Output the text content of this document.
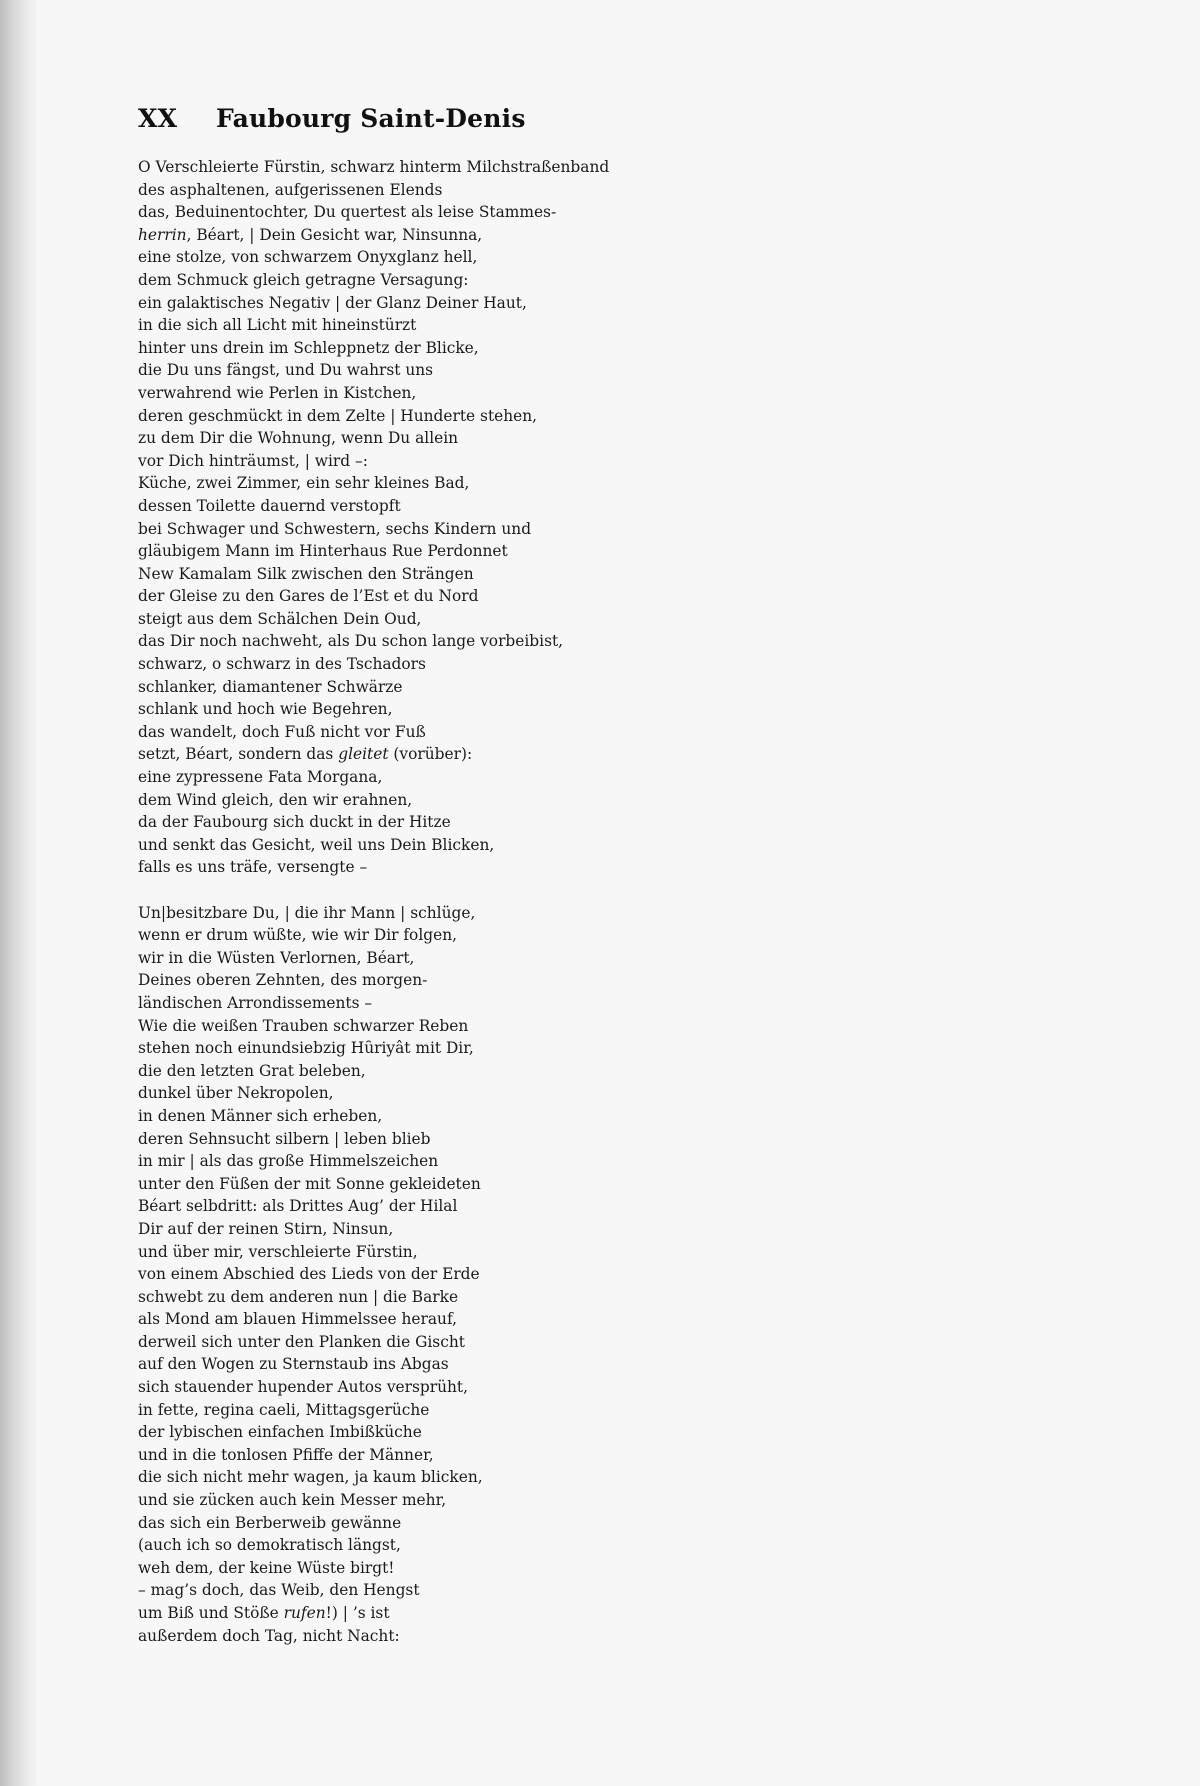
XX Faubourg Saint-Denis
O Verschleierte Fürstin, schwarz hinterm Milchstraßenband
des asphaltenen, aufgerissenen Elends
das, Beduinentochter, Du quertest als leise Stammes-
herrin, Béart, | Dein Gesicht war, Ninsunna,
eine stolze, von schwarzem Onyxglanz hell,
dem Schmuck gleich getragne Versagung:
ein galaktisches Negativ | der Glanz Deiner Haut,
in die sich all Licht mit hineinstürzt
hinter uns drein im Schleppnetz der Blicke,
die Du uns fängst, und Du wahrst uns
verwahrend wie Perlen in Kistchen,
deren geschmückt in dem Zelte | Hunderte stehen,
zu dem Dir die Wohnung, wenn Du allein
vor Dich hinträumst, | wird –:
Küche, zwei Zimmer, ein sehr kleines Bad,
dessen Toilette dauernd verstopft
bei Schwager und Schwestern, sechs Kindern und
gläubigem Mann im Hinterhaus Rue Perdonnet
New Kamalam Silk zwischen den Strängen
der Gleise zu den Gares de l’Est et du Nord
steigt aus dem Schälchen Dein Oud,
das Dir noch nachweht, als Du schon lange vorbeibist,
schwarz, o schwarz in des Tschadors
schlanker, diamantener Schwärze
schlank und hoch wie Begehren,
das wandelt, doch Fuß nicht vor Fuß
setzt, Béart, sondern das gleitet (vorüber):
eine zypressene Fata Morgana,
dem Wind gleich, den wir erahnen,
da der Faubourg sich duckt in der Hitze
und senkt das Gesicht, weil uns Dein Blicken,
falls es uns träfe, versengte –
Un|besitzbare Du, | die ihr Mann | schlüge,
wenn er drum wüßte, wie wir Dir folgen,
wir in die Wüsten Verlornen, Béart,
Deines oberen Zehnten, des morgen-
ländischen Arrondissements –
Wie die weißen Trauben schwarzer Reben
stehen noch einundsiebzig Hȗriyât mit Dir,
die den letzten Grat beleben,
dunkel über Nekropolen,
in denen Männer sich erheben,
deren Sehnsucht silbern | leben blieb
in mir | als das große Himmelszeichen
unter den Füßen der mit Sonne gekleideten
Béart selbdritt: als Drittes Aug’ der Hilal
Dir auf der reinen Stirn, Ninsun,
und über mir, verschleierte Fürstin,
von einem Abschied des Lieds von der Erde
schwebt zu dem anderen nun | die Barke
als Mond am blauen Himmelssee herauf,
derweil sich unter den Planken die Gischt
auf den Wogen zu Sternstaub ins Abgas
sich stauender hupender Autos versprüht,
in fette, regina caeli, Mittagsgerüche
der lybischen einfachen Imbißküche
und in die tonlosen Pfiffe der Männer,
die sich nicht mehr wagen, ja kaum blicken,
und sie zücken auch kein Messer mehr,
das sich ein Berberweib gewänne
(auch ich so demokratisch längst,
weh dem, der keine Wüste birgt!
– mag’s doch, das Weib, den Hengst
um Biß und Stöße rufen!) | ’s ist
außerdem doch Tag, nicht Nacht:
